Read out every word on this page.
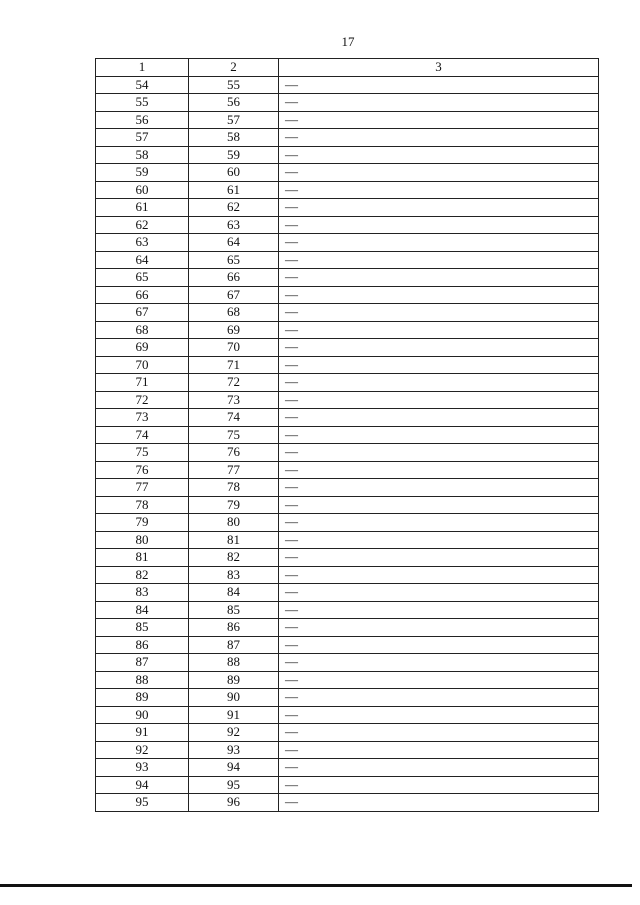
17
1	2	3
54	55	—
55	56	—
56	57	—
57	58	—
58	59	—
59	60	—
60	61	—
61	62	—
62	63	—
63	64	—
64	65	—
65	66	—
66	67	—
67	68	—
68	69	—
69	70	—
70	71	—
71	72	—
72	73	—
73	74	—
74	75	—
75	76	—
76	77	—
77	78	—
78	79	—
79	80	—
80	81	—
81	82	—
82	83	—
83	84	—
84	85	—
85	86	—
86	87	—
87	88	—
88	89	—
89	90	—
90	91	—
91	92	—
92	93	—
93	94	—
94	95	—
95	96	—
